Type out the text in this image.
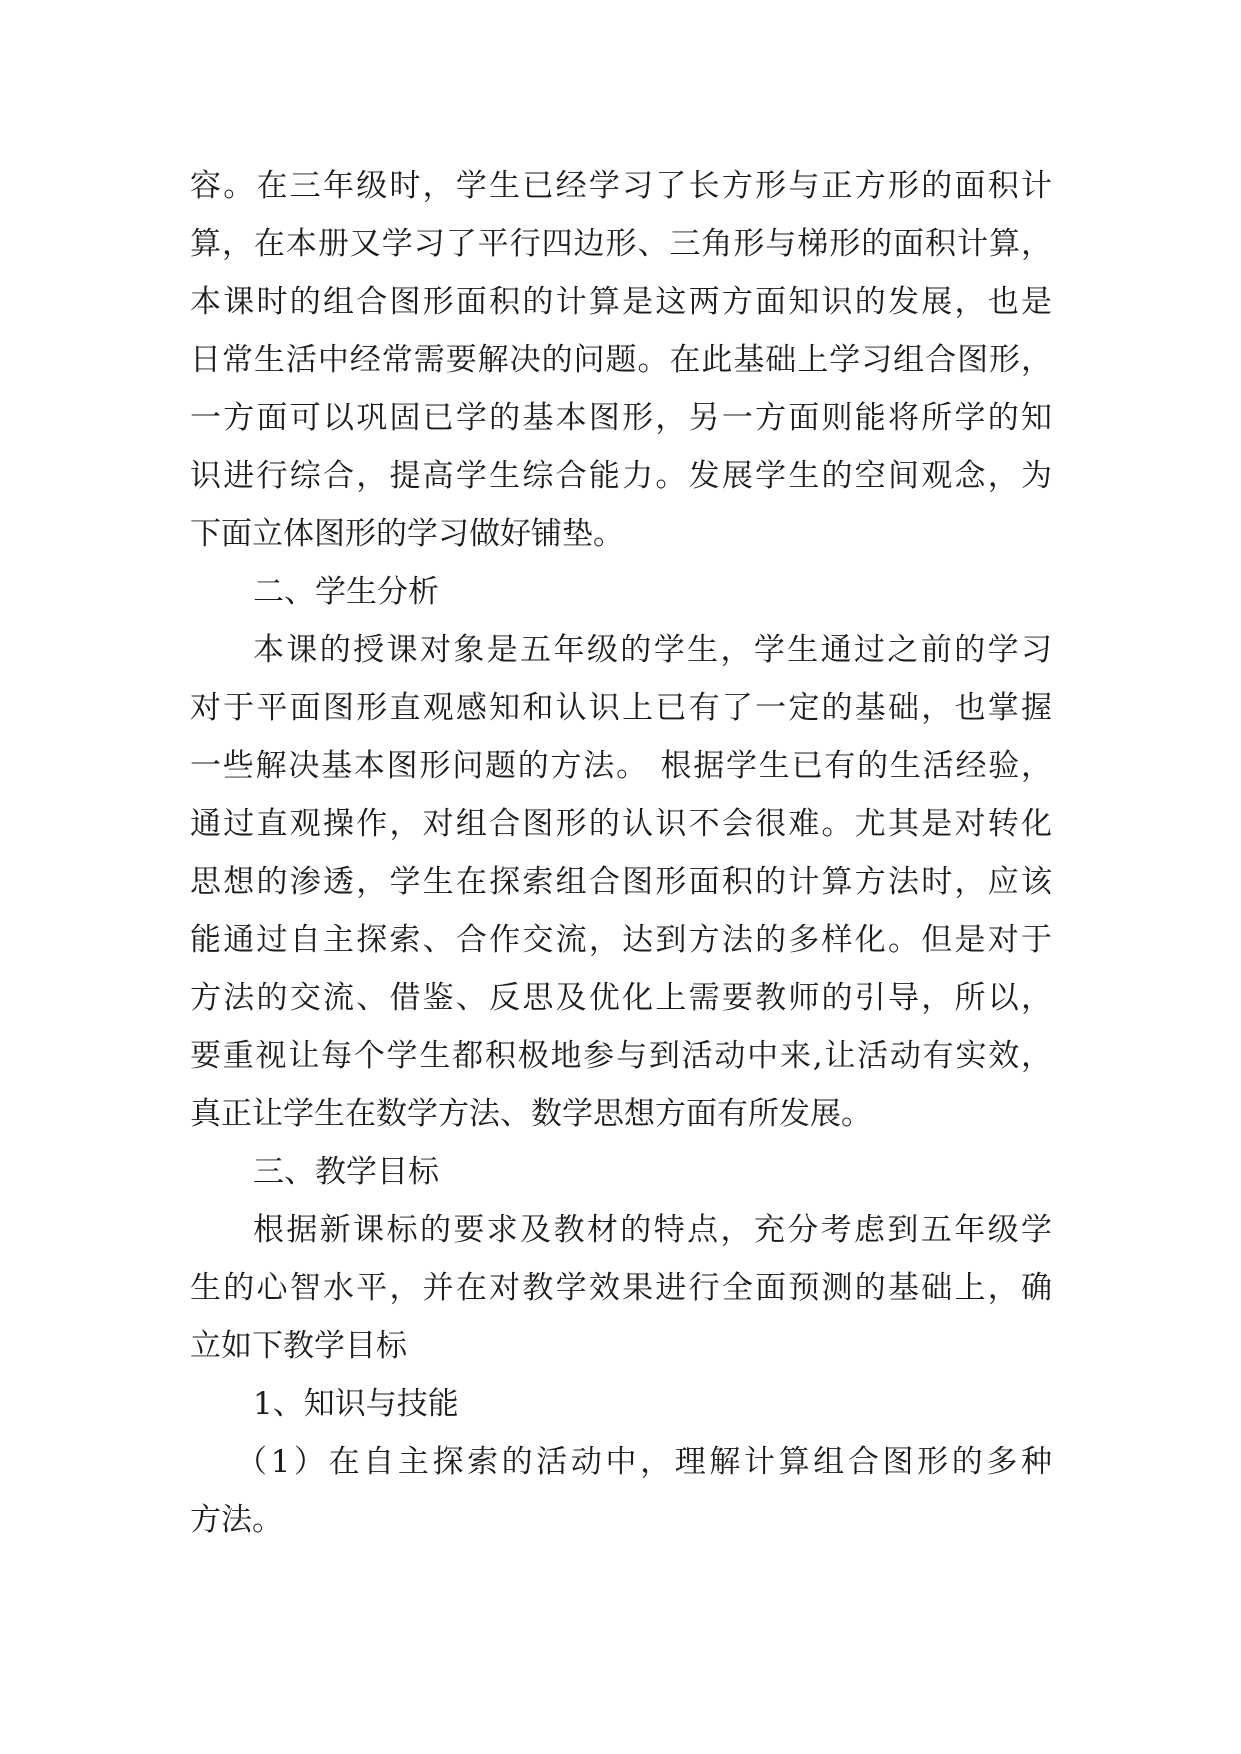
容。在三年级时，学生已经学习了长方形与正方形的面积计
算，在本册又学习了平行四边形、三角形与梯形的面积计算，
本课时的组合图形面积的计算是这两方面知识的发展，也是
日常生活中经常需要解决的问题。在此基础上学习组合图形，
一方面可以巩固已学的基本图形，另一方面则能将所学的知
识进行综合，提高学生综合能力。发展学生的空间观念，为
下面立体图形的学习做好铺垫。
二、学生分析
本课的授课对象是五年级的学生，学生通过之前的学习
对于平面图形直观感知和认识上已有了一定的基础，也掌握
一些解决基本图形问题的方法。 根据学生已有的生活经验，
通过直观操作，对组合图形的认识不会很难。尤其是对转化
思想的渗透，学生在探索组合图形面积的计算方法时，应该
能通过自主探索、合作交流，达到方法的多样化。但是对于
方法的交流、借鉴、反思及优化上需要教师的引导，所以，
要重视让每个学生都积极地参与到活动中来,让活动有实效，
真正让学生在数学方法、数学思想方面有所发展。
三、教学目标
根据新课标的要求及教材的特点，充分考虑到五年级学
生的心智水平，并在对教学效果进行全面预测的基础上，确
立如下教学目标
1、知识与技能
（1）在自主探索的活动中，理解计算组合图形的多种
方法。
